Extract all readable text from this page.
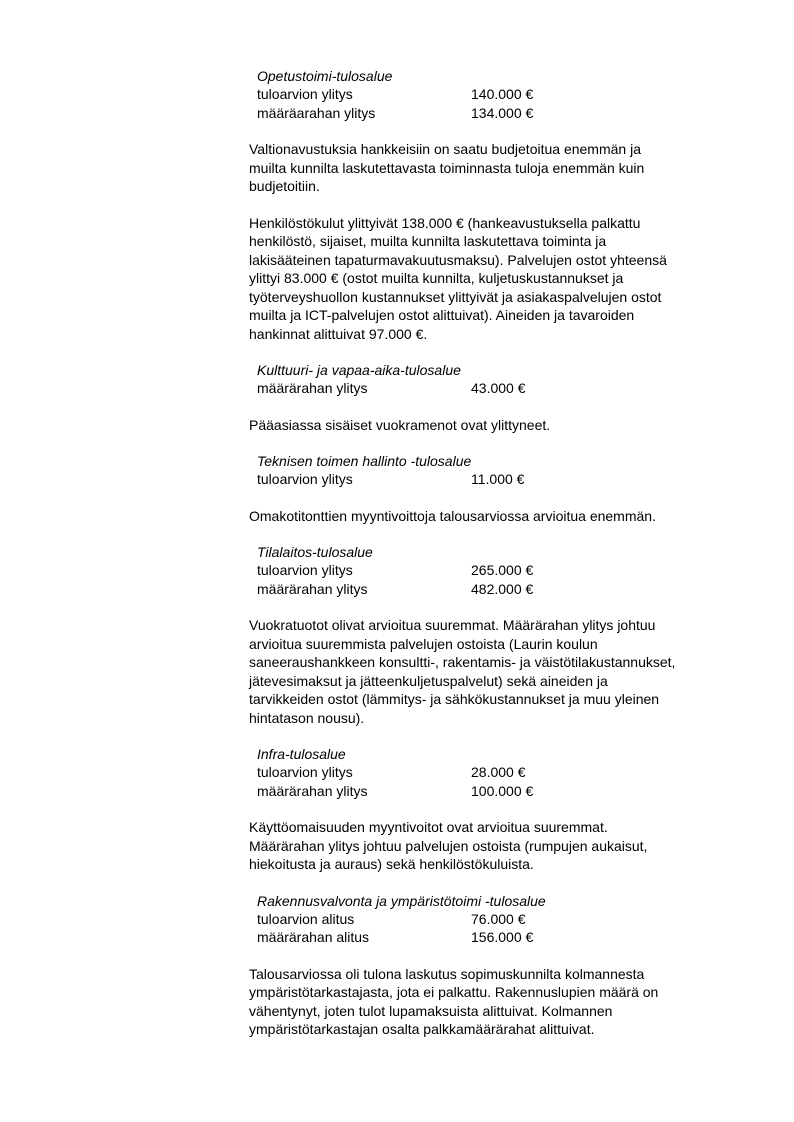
Opetustoimi-tulosalue
tuloarvion ylitys	140.000 €
määräarahan ylitys	134.000 €
Valtionavustuksia hankkeisiin on saatu budjetoitua enemmän ja
muilta kunnilta laskutettavasta toiminnasta tuloja enemmän kuin
budjetoitiin.
Henkilöstökulut ylittyivät 138.000 € (hankeavustuksella palkattu
henkilöstö, sijaiset, muilta kunnilta laskutettava toiminta ja
lakisääteinen tapaturmavakuutusmaksu). Palvelujen ostot yhteensä
ylittyi 83.000 € (ostot muilta kunnilta, kuljetuskustannukset ja
työterveyshuollon kustannukset ylittyivät ja asiakaspalvelujen ostot
muilta ja ICT-palvelujen ostot alittuivat). Aineiden ja tavaroiden
hankinnat alittuivat 97.000 €.
Kulttuuri- ja vapaa-aika-tulosalue
määrärahan ylitys	43.000 €
Pääasiassa sisäiset vuokramenot ovat ylittyneet.
Teknisen toimen hallinto -tulosalue
tuloarvion ylitys	11.000 €
Omakotitonttien myyntivoittoja talousarviossa arvioitua enemmän.
Tilalaitos-tulosalue
tuloarvion ylitys	265.000 €
määrärahan ylitys	482.000 €
Vuokratuotot olivat arvioitua suuremmat. Määrärahan ylitys johtuu
arvioitua suuremmista palvelujen ostoista (Laurin koulun
saneeraushankkeen konsultti-, rakentamis- ja väistötilakustannukset,
jätevesimaksut ja jätteenkuljetuspalvelut) sekä aineiden ja
tarvikkeiden ostot (lämmitys- ja sähkökustannukset ja muu yleinen
hintatason nousu).
Infra-tulosalue
tuloarvion ylitys	28.000 €
määrärahan ylitys	100.000 €
Käyttöomaisuuden myyntivoitot ovat arvioitua suuremmat.
Määrärahan ylitys johtuu palvelujen ostoista (rumpujen aukaisut,
hiekoitusta ja auraus) sekä henkilöstökuluista.
Rakennusvalvonta ja ympäristötoimi -tulosalue
tuloarvion alitus	76.000 €
määrärahan alitus	156.000 €
Talousarviossa oli tulona laskutus sopimuskunnilta kolmannesta
ympäristötarkastajasta, jota ei palkattu. Rakennuslupien määrä on
vähentynyt, joten tulot lupamaksuista alittuivat. Kolmannen
ympäristötarkastajan osalta palkkamäärärahat alittuivat.
